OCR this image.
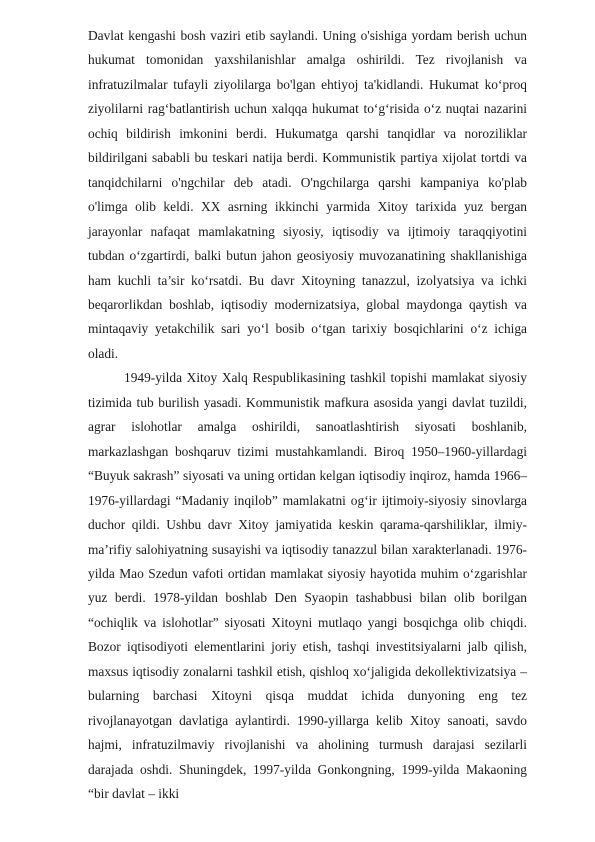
Davlat kengashi bosh vaziri etib saylandi. Uning o'sishiga yordam berish uchun hukumat tomonidan yaxshilanishlar amalga oshirildi. Tez rivojlanish va infratuzilmalar tufayli ziyolilarga bo'lgan ehtiyoj ta'kidlandi. Hukumat ko‘proq ziyolilarni rag‘batlantirish uchun xalqqa hukumat to‘g‘risida o‘z nuqtai nazarini ochiq bildirish imkonini berdi. Hukumatga qarshi tanqidlar va noroziliklar bildirilgani sababli bu teskari natija berdi. Kommunistik partiya xijolat tortdi va tanqidchilarni o'ngchilar deb atadi. O'ngchilarga qarshi kampaniya ko'plab o'limga olib keldi. XX asrning ikkinchi yarmida Xitoy tarixida yuz bergan jarayonlar nafaqat mamlakatning siyosiy, iqtisodiy va ijtimoiy taraqqiyotini tubdan o‘zgartirdi, balki butun jahon geosiyosiy muvozanatining shakllanishiga ham kuchli ta’sir ko‘rsatdi. Bu davr Xitoyning tanazzul, izolyatsiya va ichki beqarorlikdan boshlab, iqtisodiy modernizatsiya, global maydonga qaytish va mintaqaviy yetakchilik sari yo‘l bosib o‘tgan tarixiy bosqichlarini o‘z ichiga oladi.

1949-yilda Xitoy Xalq Respublikasining tashkil topishi mamlakat siyosiy tizimida tub burilish yasadi. Kommunistik mafkura asosida yangi davlat tuzildi, agrar islohotlar amalga oshirildi, sanoatlashtirish siyosati boshlanib, markazlashgan boshqaruv tizimi mustahkamlandi. Biroq 1950–1960-yillardagi “Buyuk sakrash” siyosati va uning ortidan kelgan iqtisodiy inqiroz, hamda 1966–1976-yillardagi “Madaniy inqilob” mamlakatni og‘ir ijtimoiy-siyosiy sinovlarga duchor qildi. Ushbu davr Xitoy jamiyatida keskin qarama-qarshiliklar, ilmiy-ma’rifiy salohiyatning susayishi va iqtisodiy tanazzul bilan xarakterlanadi. 1976-yilda Mao Szedun vafoti ortidan mamlakat siyosiy hayotida muhim o‘zgarishlar yuz berdi. 1978-yildan boshlab Den Syaopin tashabbusi bilan olib borilgan “ochiqlik va islohotlar” siyosati Xitoyni mutlaqo yangi bosqichga olib chiqdi. Bozor iqtisodiyoti elementlarini joriy etish, tashqi investitsiyalarni jalb qilish, maxsus iqtisodiy zonalarni tashkil etish, qishloq xo‘jaligida dekollektivizatsiya – bularning barchasi Xitoyni qisqa muddat ichida dunyoning eng tez rivojlanayotgan davlatiga aylantirdi. 1990-yillarga kelib Xitoy sanoati, savdo hajmi, infratuzilmaviy rivojlanishi va aholining turmush darajasi sezilarli darajada oshdi. Shuningdek, 1997-yilda Gonkongning, 1999-yilda Makaoning “bir davlat – ikki
